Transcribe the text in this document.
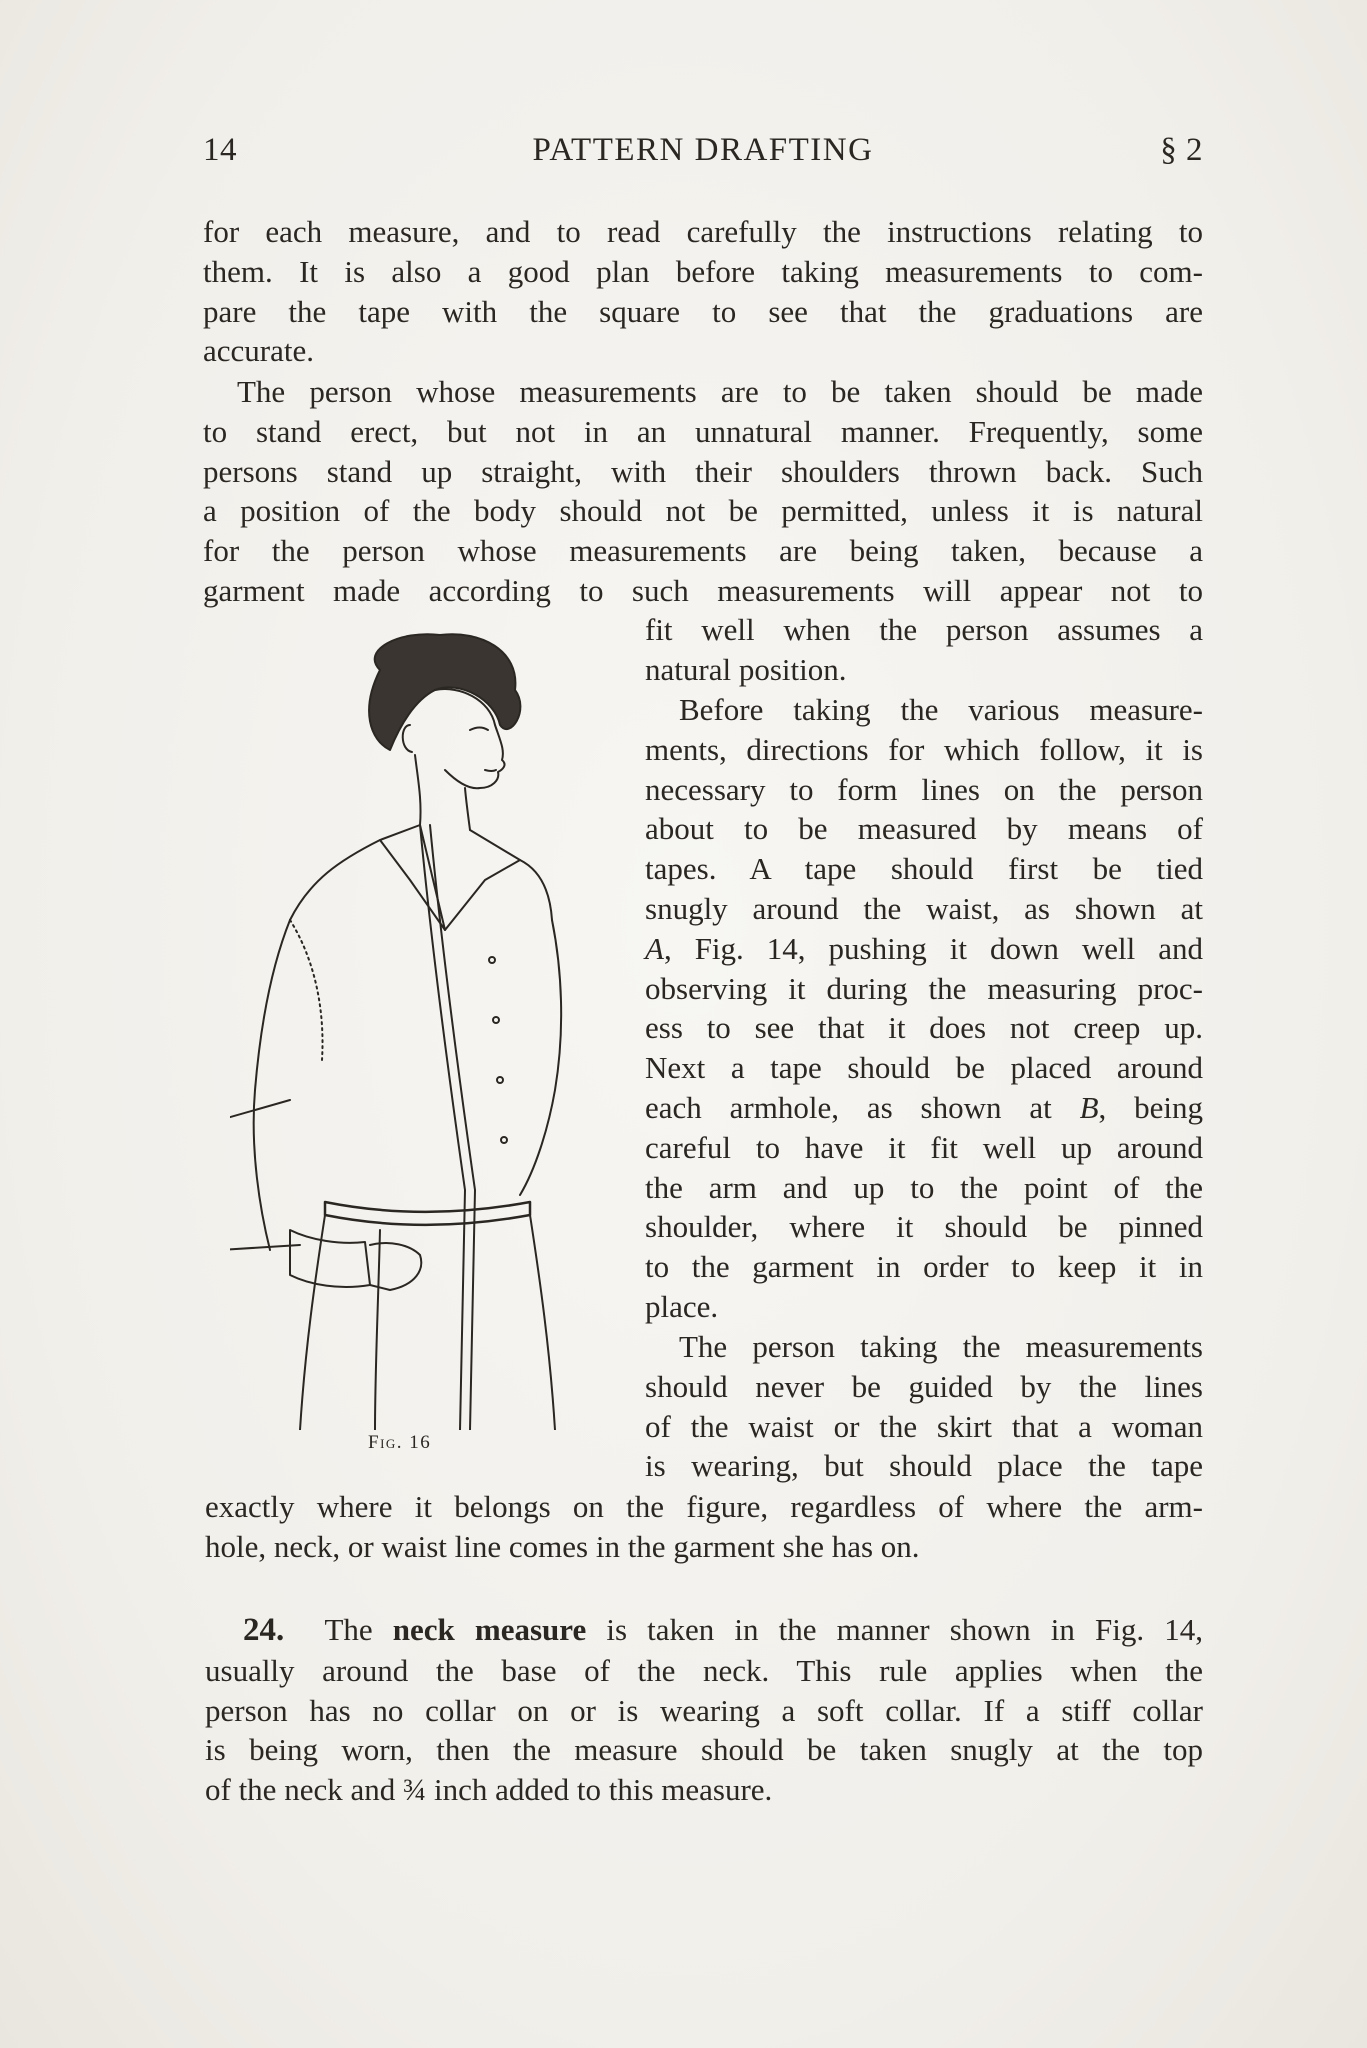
14	PATTERN DRAFTING	§ 2
for each measure, and to read carefully the instructions relating to
them. It is also a good plan before taking measurements to com-
pare the tape with the square to see that the graduations are
accurate.
The person whose measurements are to be taken should be made
to stand erect, but not in an unnatural manner. Frequently, some
persons stand up straight, with their shoulders thrown back. Such
a position of the body should not be permitted, unless it is natural
for the person whose measurements are being taken, because a
garment made according to such measurements will appear not to
fit well when the person assumes a
natural position.
Before taking the various measure-
ments, directions for which follow, it is
necessary to form lines on the person
about to be measured by means of
tapes. A tape should first be tied
snugly around the waist, as shown at
A, Fig. 14, pushing it down well and
observing it during the measuring proc-
ess to see that it does not creep up.
Next a tape should be placed around
each armhole, as shown at B, being
careful to have it fit well up around
the arm and up to the point of the
shoulder, where it should be pinned
to the garment in order to keep it in
place.
The person taking the measurements
should never be guided by the lines
of the waist or the skirt that a woman
is wearing, but should place the tape
exactly where it belongs on the figure, regardless of where the arm-
hole, neck, or waist line comes in the garment she has on.
24. The neck measure is taken in the manner shown in Fig. 14,
usually around the base of the neck. This rule applies when the
person has no collar on or is wearing a soft collar. If a stiff collar
is being worn, then the measure should be taken snugly at the top
of the neck and ¾ inch added to this measure.
Fig. 16
